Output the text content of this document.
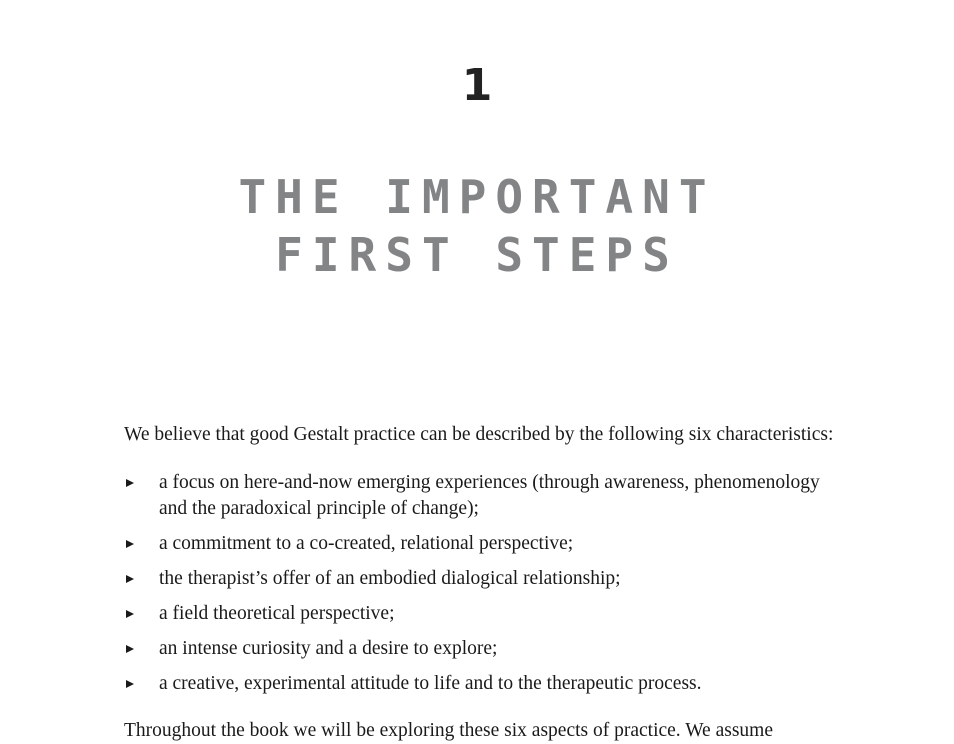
1
THE IMPORTANT
FIRST STEPS
We believe that good Gestalt practice can be described by the following six characteristics:
a focus on here-and-now emerging experiences (through awareness, phenomenology and the paradoxical principle of change);
a commitment to a co-created, relational perspective;
the therapist’s offer of an embodied dialogical relationship;
a field theoretical perspective;
an intense curiosity and a desire to explore;
a creative, experimental attitude to life and to the therapeutic process.
Throughout the book we will be exploring these six aspects of practice. We assume
